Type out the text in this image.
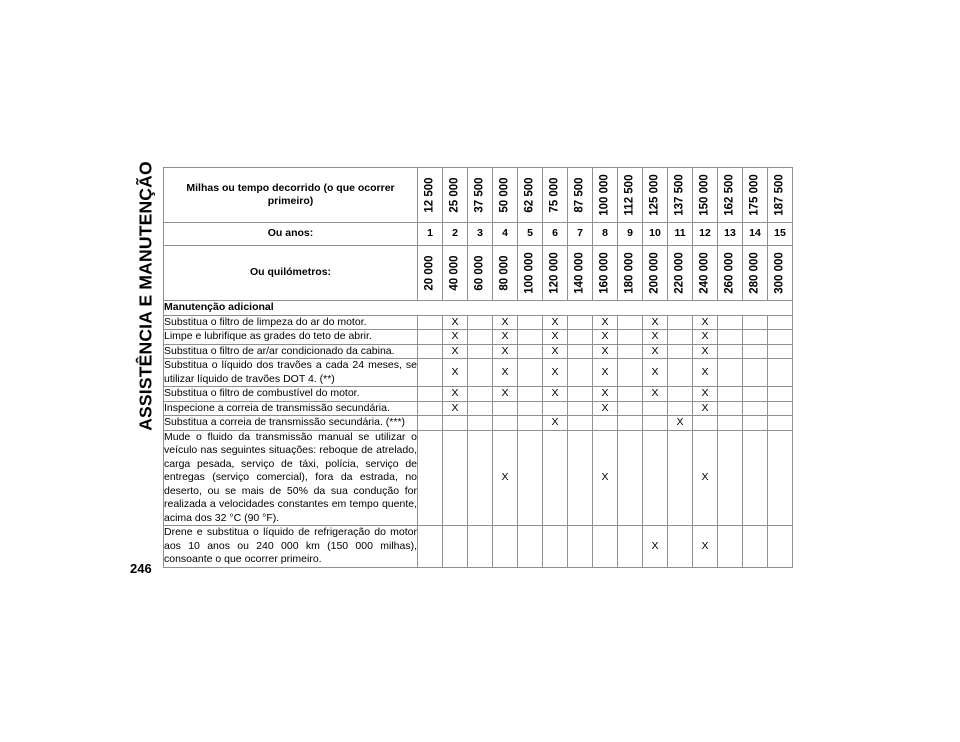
ASSISTÊNCIA E MANUTENÇÃO
246
Milhas ou tempo decorrido (o que ocorrer primeiro)	12 500	25 000	37 500	50 000	62 500	75 000	87 500	100 000	112 500	125 000	137 500	150 000	162 500	175 000	187 500

Ou anos:	1	2	3	4	5	6	7	8	9	10	11	12	13	14	15
Ou quilómetros:	20 000	40 000	60 000	80 000	100 000	120 000	140 000	160 000	180 000	200 000	220 000	240 000	260 000	280 000	300 000

Manutenção adicional															
Substitua o filtro de limpeza do ar do motor.		X		X		X		X		X		X			
Limpe e lubrifique as grades do teto de abrir.		X		X		X		X		X		X			
Substitua o filtro de ar/ar condicionado da cabina.		X		X		X		X		X		X			
Substitua o líquido dos travões a cada 24 meses, se utilizar líquido de travões DOT 4. (**)		X		X		X		X		X		X			
Substitua o filtro de combustível do motor.		X		X		X		X		X		X			
Inspecione a correia de transmissão secundária.		X						X				X			
Substitua a correia de transmissão secundária. (***)						X					X				
Mude o fluido da transmissão manual se utilizar o veículo nas seguintes situações: reboque de atrelado, carga pesada, serviço de táxi, polícia, serviço de entregas (serviço comercial), fora da estrada, no deserto, ou se mais de 50% da sua condução for realizada a velocidades constantes em tempo quente, acima dos 32 °C (90 °F).				X				X				X			
Drene e substitua o líquido de refrigeração do motor aos 10 anos ou 240 000 km (150 000 milhas), consoante o que ocorrer primeiro.										X		X			
